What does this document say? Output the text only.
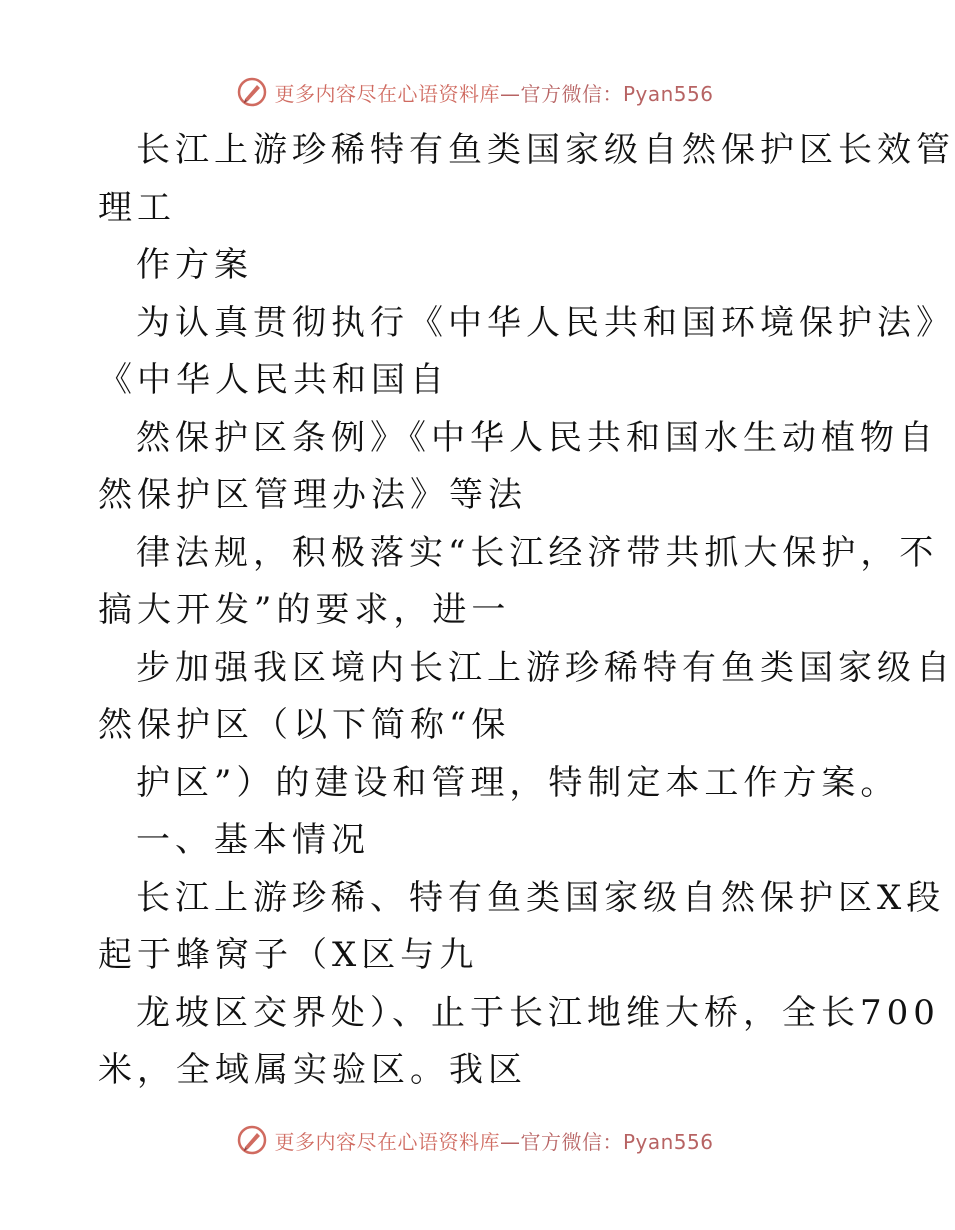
更多内容尽在心语资料库—官方微信：Pyan556
长江上游珍稀特有鱼类国家级自然保护区长效管
理工
作方案
为认真贯彻执行《中华人民共和国环境保护法》
《中华人民共和国自
然保护区条例》《中华人民共和国水生动植物自
然保护区管理办法》等法
律法规，积极落实“长江经济带共抓大保护，不
搞大开发”的要求，进一
步加强我区境内长江上游珍稀特有鱼类国家级自
然保护区（以下简称“保
护区”）的建设和管理，特制定本工作方案。
一、基本情况
长江上游珍稀、特有鱼类国家级自然保护区X段
起于蜂窝子（X区与九
龙坡区交界处）、止于长江地维大桥，全长700
米，全域属实验区。我区
更多内容尽在心语资料库—官方微信：Pyan556
